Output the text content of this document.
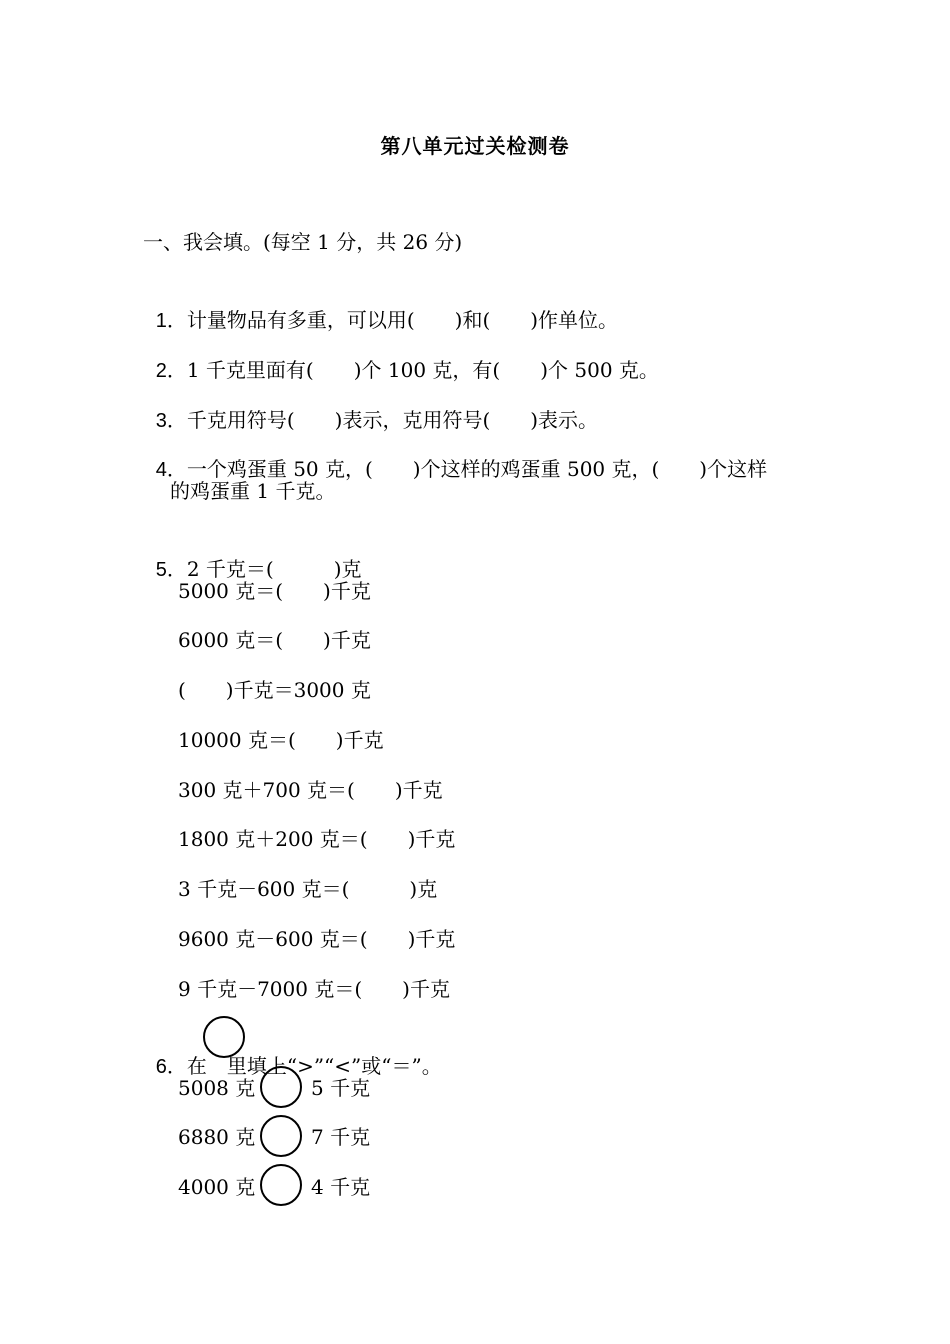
第八单元过关检测卷
一、我会填。(每空 1 分，共 26 分)

1．计量物品有多重，可以用(　　)和(　　)作单位。

2．1 千克里面有(　　)个 100 克，有(　　)个 500 克。

3．千克用符号(　　)表示，克用符号(　　)表示。

4．一个鸡蛋重 50 克，(　　)个这样的鸡蛋重 500 克，(　　)个这样

的鸡蛋重 1 千克。

5．2 千克＝(　　　)克

5000 克＝(　　)千克
6000 克＝(　　)千克
(　　)千克＝3000 克
10000 克＝(　　)千克
300 克＋700 克＝(　　)千克
1800 克＋200 克＝(　　)千克
3 千克－600 克＝(　　　)克
9600 克－600 克＝(　　)千克
9 千克－7000 克＝(　　)千克

6．在　里填上“>”“<”或“＝”。

5008 克	5 千克
6880 克	7 千克
4000 克	4 千克
